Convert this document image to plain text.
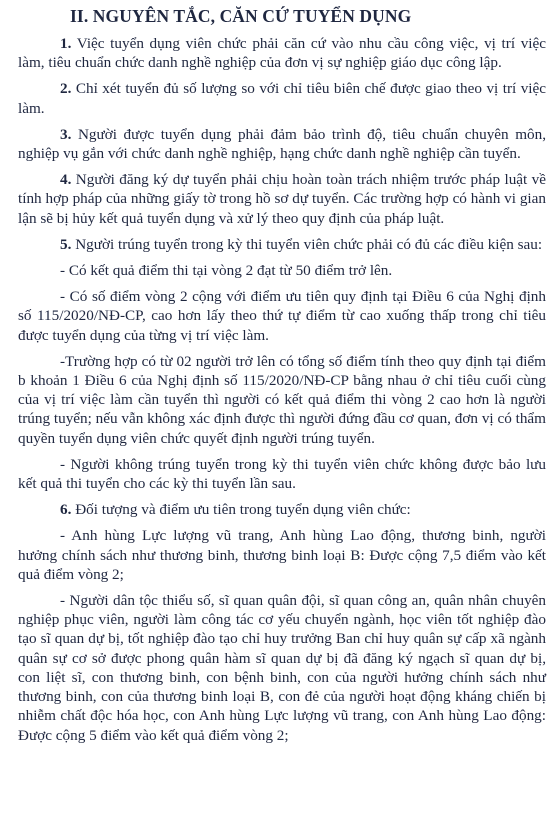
II. NGUYÊN TẮC, CĂN CỨ TUYỂN DỤNG

1. Việc tuyển dụng viên chức phải căn cứ vào nhu cầu công việc, vị trí việc làm, tiêu chuẩn chức danh nghề nghiệp của đơn vị sự nghiệp giáo dục công lập.

2. Chỉ xét tuyển đủ số lượng so với chỉ tiêu biên chế được giao theo vị trí việc làm.

3. Người được tuyển dụng phải đảm bảo trình độ, tiêu chuẩn chuyên môn, nghiệp vụ gắn với chức danh nghề nghiệp, hạng chức danh nghề nghiệp cần tuyển.

4. Người đăng ký dự tuyển phải chịu hoàn toàn trách nhiệm trước pháp luật về tính hợp pháp của những giấy tờ trong hồ sơ dự tuyển. Các trường hợp có hành vi gian lận sẽ bị hủy kết quả tuyển dụng và xử lý theo quy định của pháp luật.

5. Người trúng tuyển trong kỳ thi tuyển viên chức phải có đủ các điều kiện sau:

- Có kết quả điểm thi tại vòng 2 đạt từ 50 điểm trở lên.

- Có số điểm vòng 2 cộng với điểm ưu tiên quy định tại Điều 6 của Nghị định số 115/2020/NĐ-CP, cao hơn lấy theo thứ tự điểm từ cao xuống thấp trong chỉ tiêu được tuyển dụng của từng vị trí việc làm.

-Trường hợp có từ 02 người trở lên có tổng số điểm tính theo quy định tại điểm b khoản 1 Điều 6 của Nghị định số 115/2020/NĐ-CP bằng nhau ở chỉ tiêu cuối cùng của vị trí việc làm cần tuyển thì người có kết quả điểm thi vòng 2 cao hơn là người trúng tuyển; nếu vẫn không xác định được thì người đứng đầu cơ quan, đơn vị có thẩm quyền tuyển dụng viên chức quyết định người trúng tuyển.

- Người không trúng tuyển trong kỳ thi tuyển viên chức không được bảo lưu kết quả thi tuyển cho các kỳ thi tuyển lần sau.

6. Đối tượng và điểm ưu tiên trong tuyển dụng viên chức:

- Anh hùng Lực lượng vũ trang, Anh hùng Lao động, thương binh, người hưởng chính sách như thương binh, thương binh loại B: Được cộng 7,5 điểm vào kết quả điểm vòng 2;

- Người dân tộc thiểu số, sĩ quan quân đội, sĩ quan công an, quân nhân chuyên nghiệp phục viên, người làm công tác cơ yếu chuyển ngành, học viên tốt nghiệp đào tạo sĩ quan dự bị, tốt nghiệp đào tạo chỉ huy trưởng Ban chỉ huy quân sự cấp xã ngành quân sự cơ sở được phong quân hàm sĩ quan dự bị đã đăng ký ngạch sĩ quan dự bị, con liệt sĩ, con thương binh, con bệnh binh, con của người hưởng chính sách như thương binh, con của thương binh loại B, con đẻ của người hoạt động kháng chiến bị nhiễm chất độc hóa học, con Anh hùng Lực lượng vũ trang, con Anh hùng Lao động: Được cộng 5 điểm vào kết quả điểm vòng 2;
